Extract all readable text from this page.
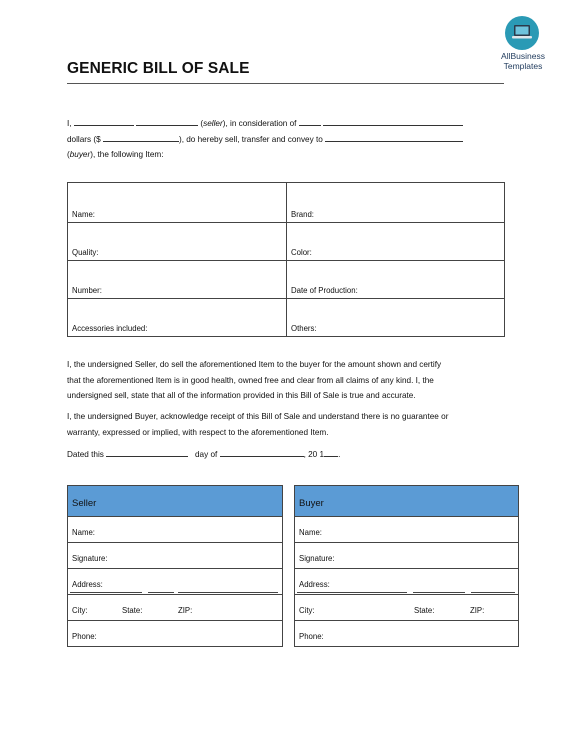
AllBusiness
Templates
GENERIC BILL OF SALE
I,	(seller), in consideration of
dollars ($	), do hereby sell, transfer and convey to
(buyer), the following Item:
Name:	Brand:
Quality:	Color:
Number:	Date of Production:
Accessories included:	Others:
I, the undersigned Seller, do sell the aforementioned Item to the buyer for the amount shown and certify
that the aforementioned Item is in good health, owned free and clear from all claims of any kind. I, the
undersigned sell, state that all of the information provided in this Bill of Sale is true and accurate.
I, the undersigned Buyer, acknowledge receipt of this Bill of Sale and understand there is no guarantee or
warranty, expressed or implied, with respect to the aforementioned Item.
Dated this	day of	, 20 1 .
Seller
Name:
Signature:
Address:
City:	State:	ZIP:
Phone:
Buyer
Name:
Signature:
Address:
City:	State:	ZIP:
Phone:
